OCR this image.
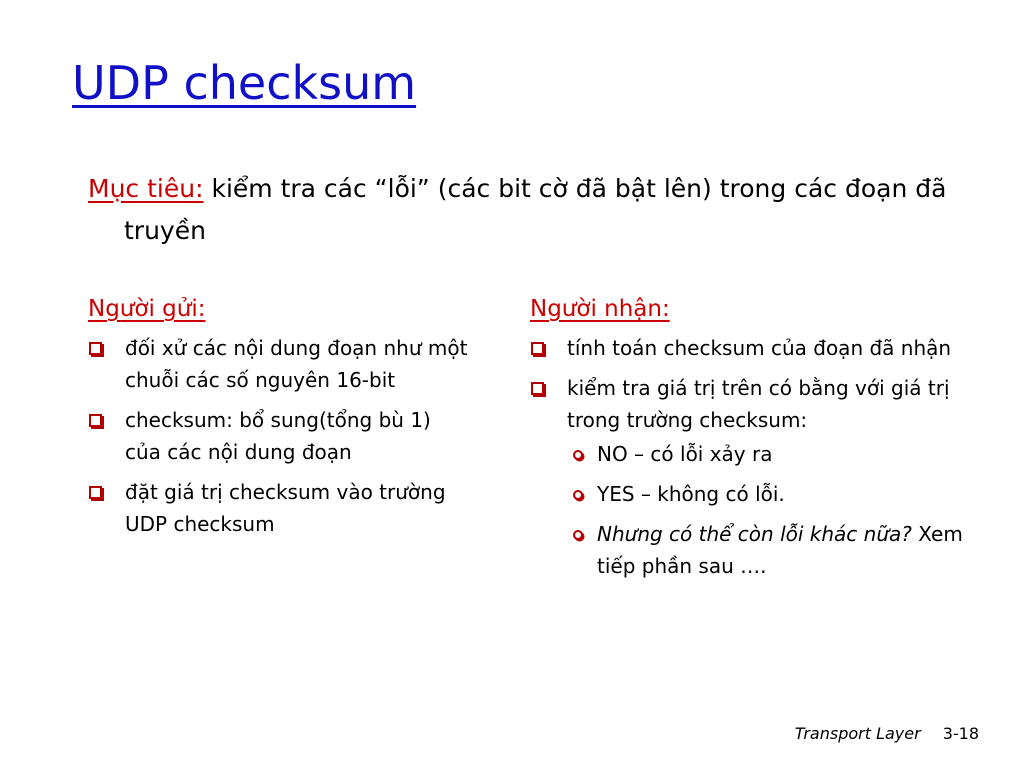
UDP checksum
Mục tiêu: kiểm tra các “lỗi” (các bit cờ đã bật lên) trong các đoạn đã truyền
Người gửi:
đối xử các nội dung đoạn như một chuỗi các số nguyên 16-bit
checksum: bổ sung(tổng bù 1) của các nội dung đoạn
đặt giá trị checksum vào trường UDP checksum
Người nhận:
tính toán checksum của đoạn đã nhận
kiểm tra giá trị trên có bằng với giá trị trong trường checksum:
NO – có lỗi xảy ra
YES – không có lỗi.
Nhưng có thể còn lỗi khác nữa? Xem tiếp phần sau ….
Transport Layer 3-18
